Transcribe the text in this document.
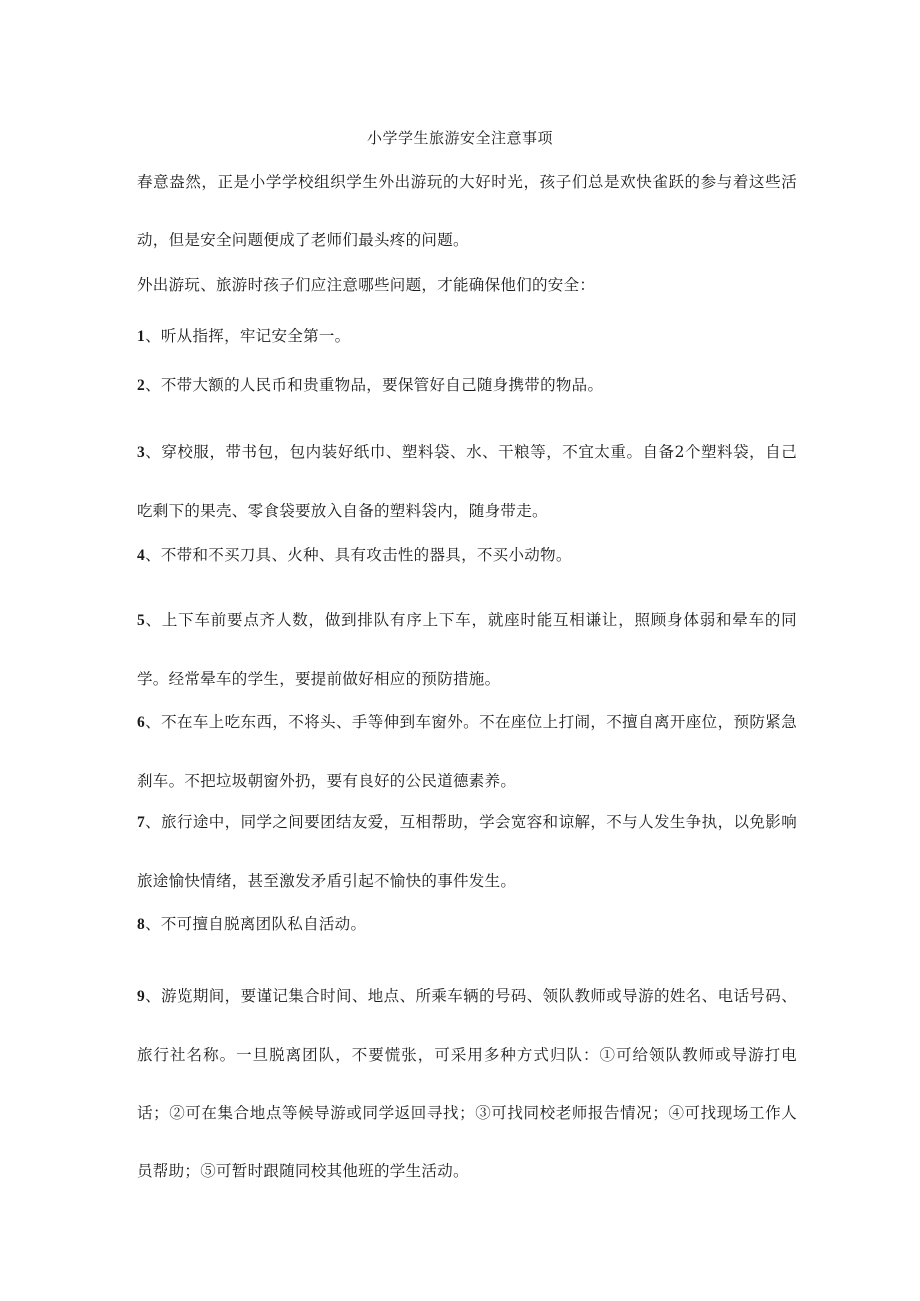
小学学生旅游安全注意事项

春意盎然，正是小学学校组织学生外出游玩的大好时光，孩子们总是欢快雀跃的参与着这些活动，但是安全问题便成了老师们最头疼的问题。

外出游玩、旅游时孩子们应注意哪些问题，才能确保他们的安全：

1、听从指挥，牢记安全第一。

2、不带大额的人民币和贵重物品，要保管好自己随身携带的物品。

3、穿校服，带书包，包内装好纸巾、塑料袋、水、干粮等，不宜太重。自备2个塑料袋，自己吃剩下的果壳、零食袋要放入自备的塑料袋内，随身带走。

4、不带和不买刀具、火种、具有攻击性的器具，不买小动物。

5、上下车前要点齐人数，做到排队有序上下车，就座时能互相谦让，照顾身体弱和晕车的同学。经常晕车的学生，要提前做好相应的预防措施。

6、不在车上吃东西，不将头、手等伸到车窗外。不在座位上打闹，不擅自离开座位，预防紧急刹车。不把垃圾朝窗外扔，要有良好的公民道德素养。

7、旅行途中，同学之间要团结友爱，互相帮助，学会宽容和谅解，不与人发生争执，以免影响旅途愉快情绪，甚至激发矛盾引起不愉快的事件发生。

8、不可擅自脱离团队私自活动。

9、游览期间，要谨记集合时间、地点、所乘车辆的号码、领队教师或导游的姓名、电话号码、旅行社名称。一旦脱离团队，不要慌张，可采用多种方式归队：①可给领队教师或导游打电话；②可在集合地点等候导游或同学返回寻找；③可找同校老师报告情况；④可找现场工作人员帮助；⑤可暂时跟随同校其他班的学生活动。
